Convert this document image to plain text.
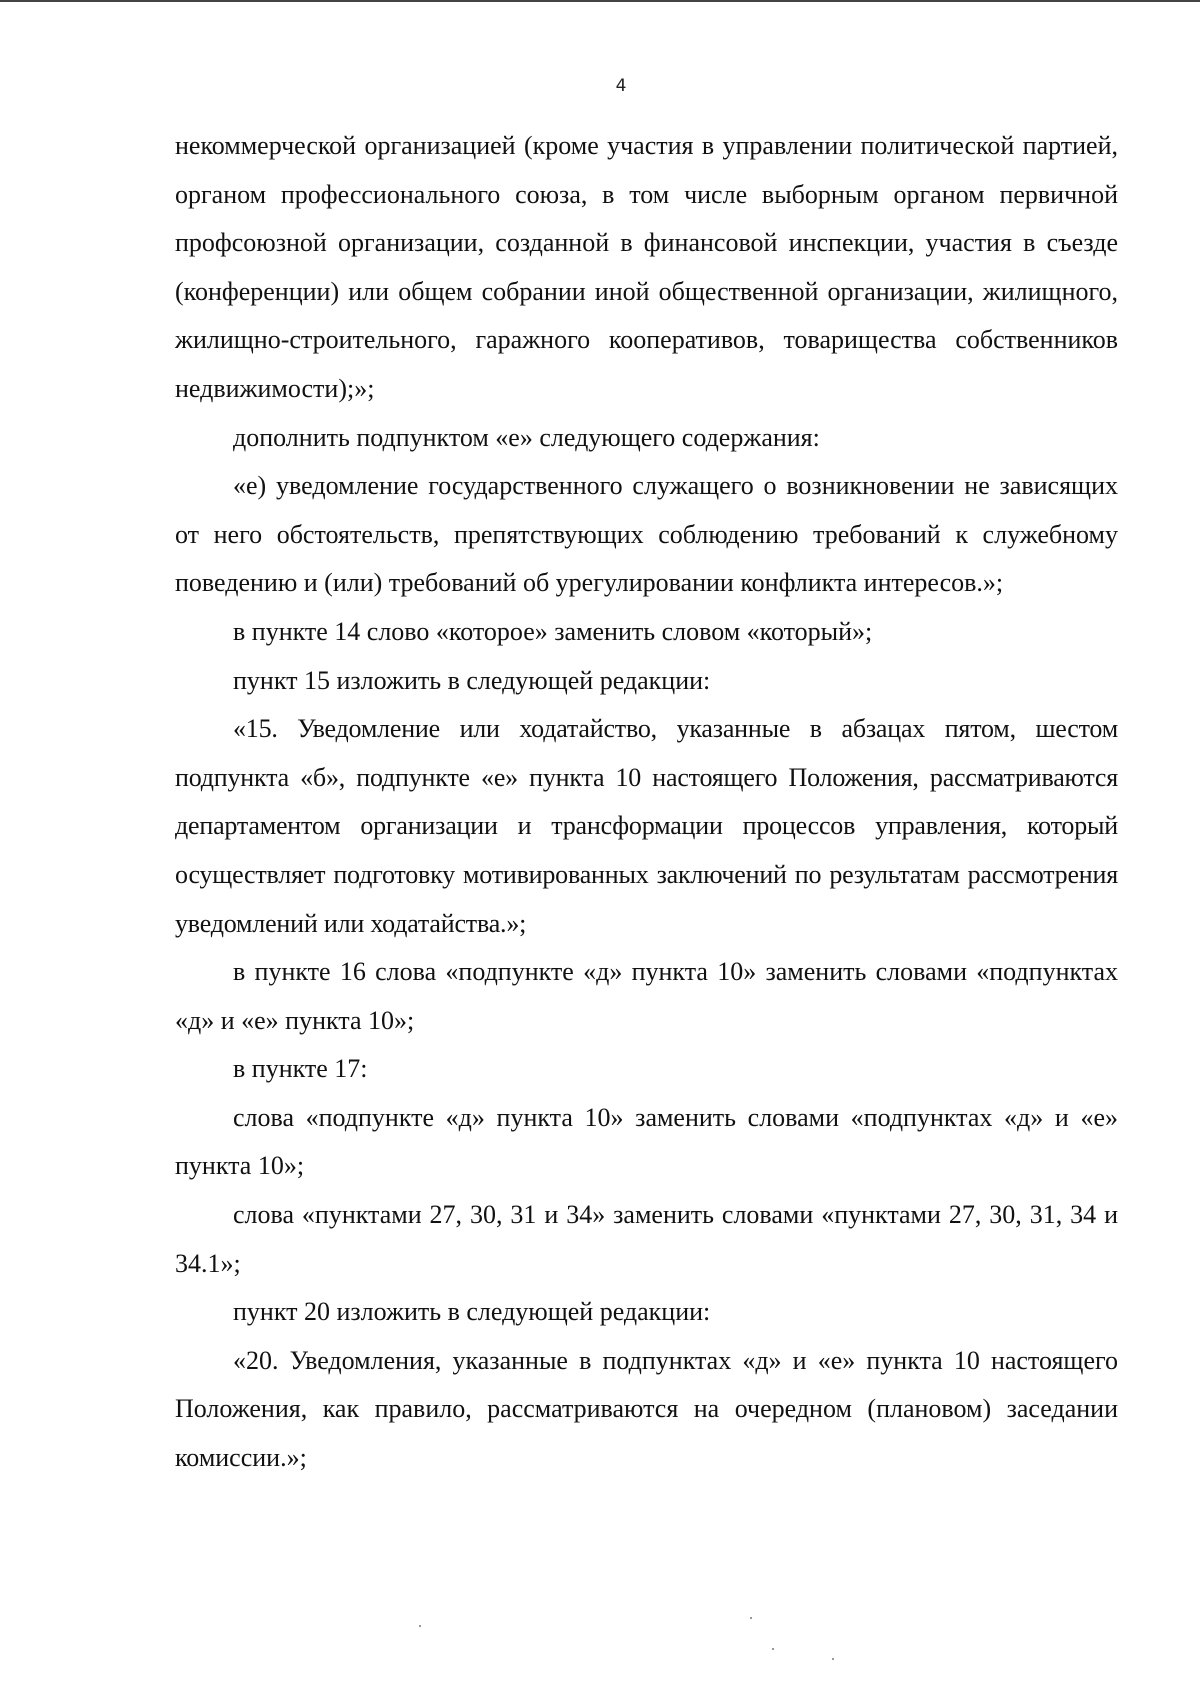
4

некоммерческой организацией (кроме участия в управлении политической партией, органом профессионального союза, в том числе выборным органом первичной профсоюзной организации, созданной в финансовой инспекции, участия в съезде (конференции) или общем собрании иной общественной организации, жилищного, жилищно-строительного, гаражного кооперативов, товарищества собственников недвижимости);»;

дополнить подпунктом «е» следующего содержания:

«е) уведомление государственного служащего о возникновении не зависящих от него обстоятельств, препятствующих соблюдению требований к служебному поведению и (или) требований об урегулировании конфликта интересов.»;

в пункте 14 слово «которое» заменить словом «который»;

пункт 15 изложить в следующей редакции:

«15. Уведомление или ходатайство, указанные в абзацах пятом, шестом подпункта «б», подпункте «е» пункта 10 настоящего Положения, рассматриваются департаментом организации и трансформации процессов управления, который осуществляет подготовку мотивированных заключений по результатам рассмотрения уведомлений или ходатайства.»;

в пункте 16 слова «подпункте «д» пункта 10» заменить словами «подпунктах «д» и «е» пункта 10»;

в пункте 17:

слова «подпункте «д» пункта 10» заменить словами «подпунктах «д» и «е» пункта 10»;

слова «пунктами 27, 30, 31 и 34» заменить словами «пунктами 27, 30, 31, 34 и 34.1»;

пункт 20 изложить в следующей редакции:

«20. Уведомления, указанные в подпунктах «д» и «е» пункта 10 настоящего Положения, как правило, рассматриваются на очередном (плановом) заседании комиссии.»;
